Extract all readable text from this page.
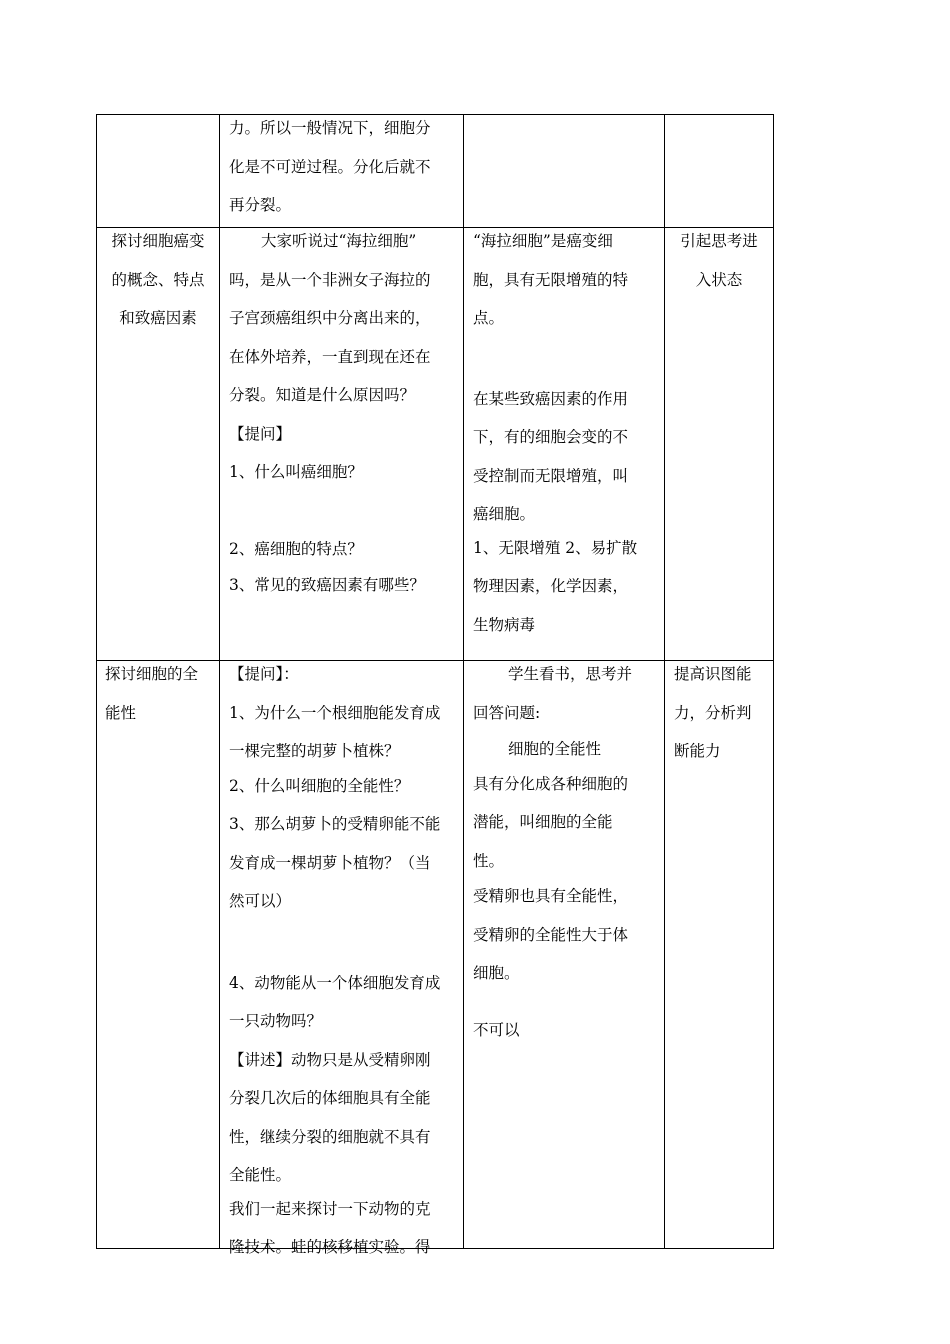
力。所以一般情况下，细胞分
化是不可逆过程。分化后就不
再分裂。
探讨细胞癌变
的概念、特点
和致癌因素
大家听说过“海拉细胞”
吗，是从一个非洲女子海拉的
子宫颈癌组织中分离出来的，
在体外培养，一直到现在还在
分裂。知道是什么原因吗？
【提问】
1、什么叫癌细胞？
2、癌细胞的特点？
3、常见的致癌因素有哪些？
“海拉细胞”是癌变细
胞，具有无限增殖的特
点。
在某些致癌因素的作用
下，有的细胞会变的不
受控制而无限增殖，叫
癌细胞。
1、无限增殖 2、易扩散
物理因素，化学因素，
生物病毒
引起思考进
入状态
探讨细胞的全
能性
【提问】：
1、为什么一个根细胞能发育成
一棵完整的胡萝卜植株？
2、什么叫细胞的全能性？
3、那么胡萝卜的受精卵能不能
发育成一棵胡萝卜植物？（当
然可以）
4、动物能从一个体细胞发育成
一只动物吗？
【讲述】动物只是从受精卵刚
分裂几次后的体细胞具有全能
性，继续分裂的细胞就不具有
全能性。
我们一起来探讨一下动物的克
隆技术。蛙的核移植实验。得
学生看书，思考并
回答问题:
细胞的全能性
具有分化成各种细胞的
潜能，叫细胞的全能
性。
受精卵也具有全能性，
受精卵的全能性大于体
细胞。
不可以
提高识图能
力，分析判
断能力
